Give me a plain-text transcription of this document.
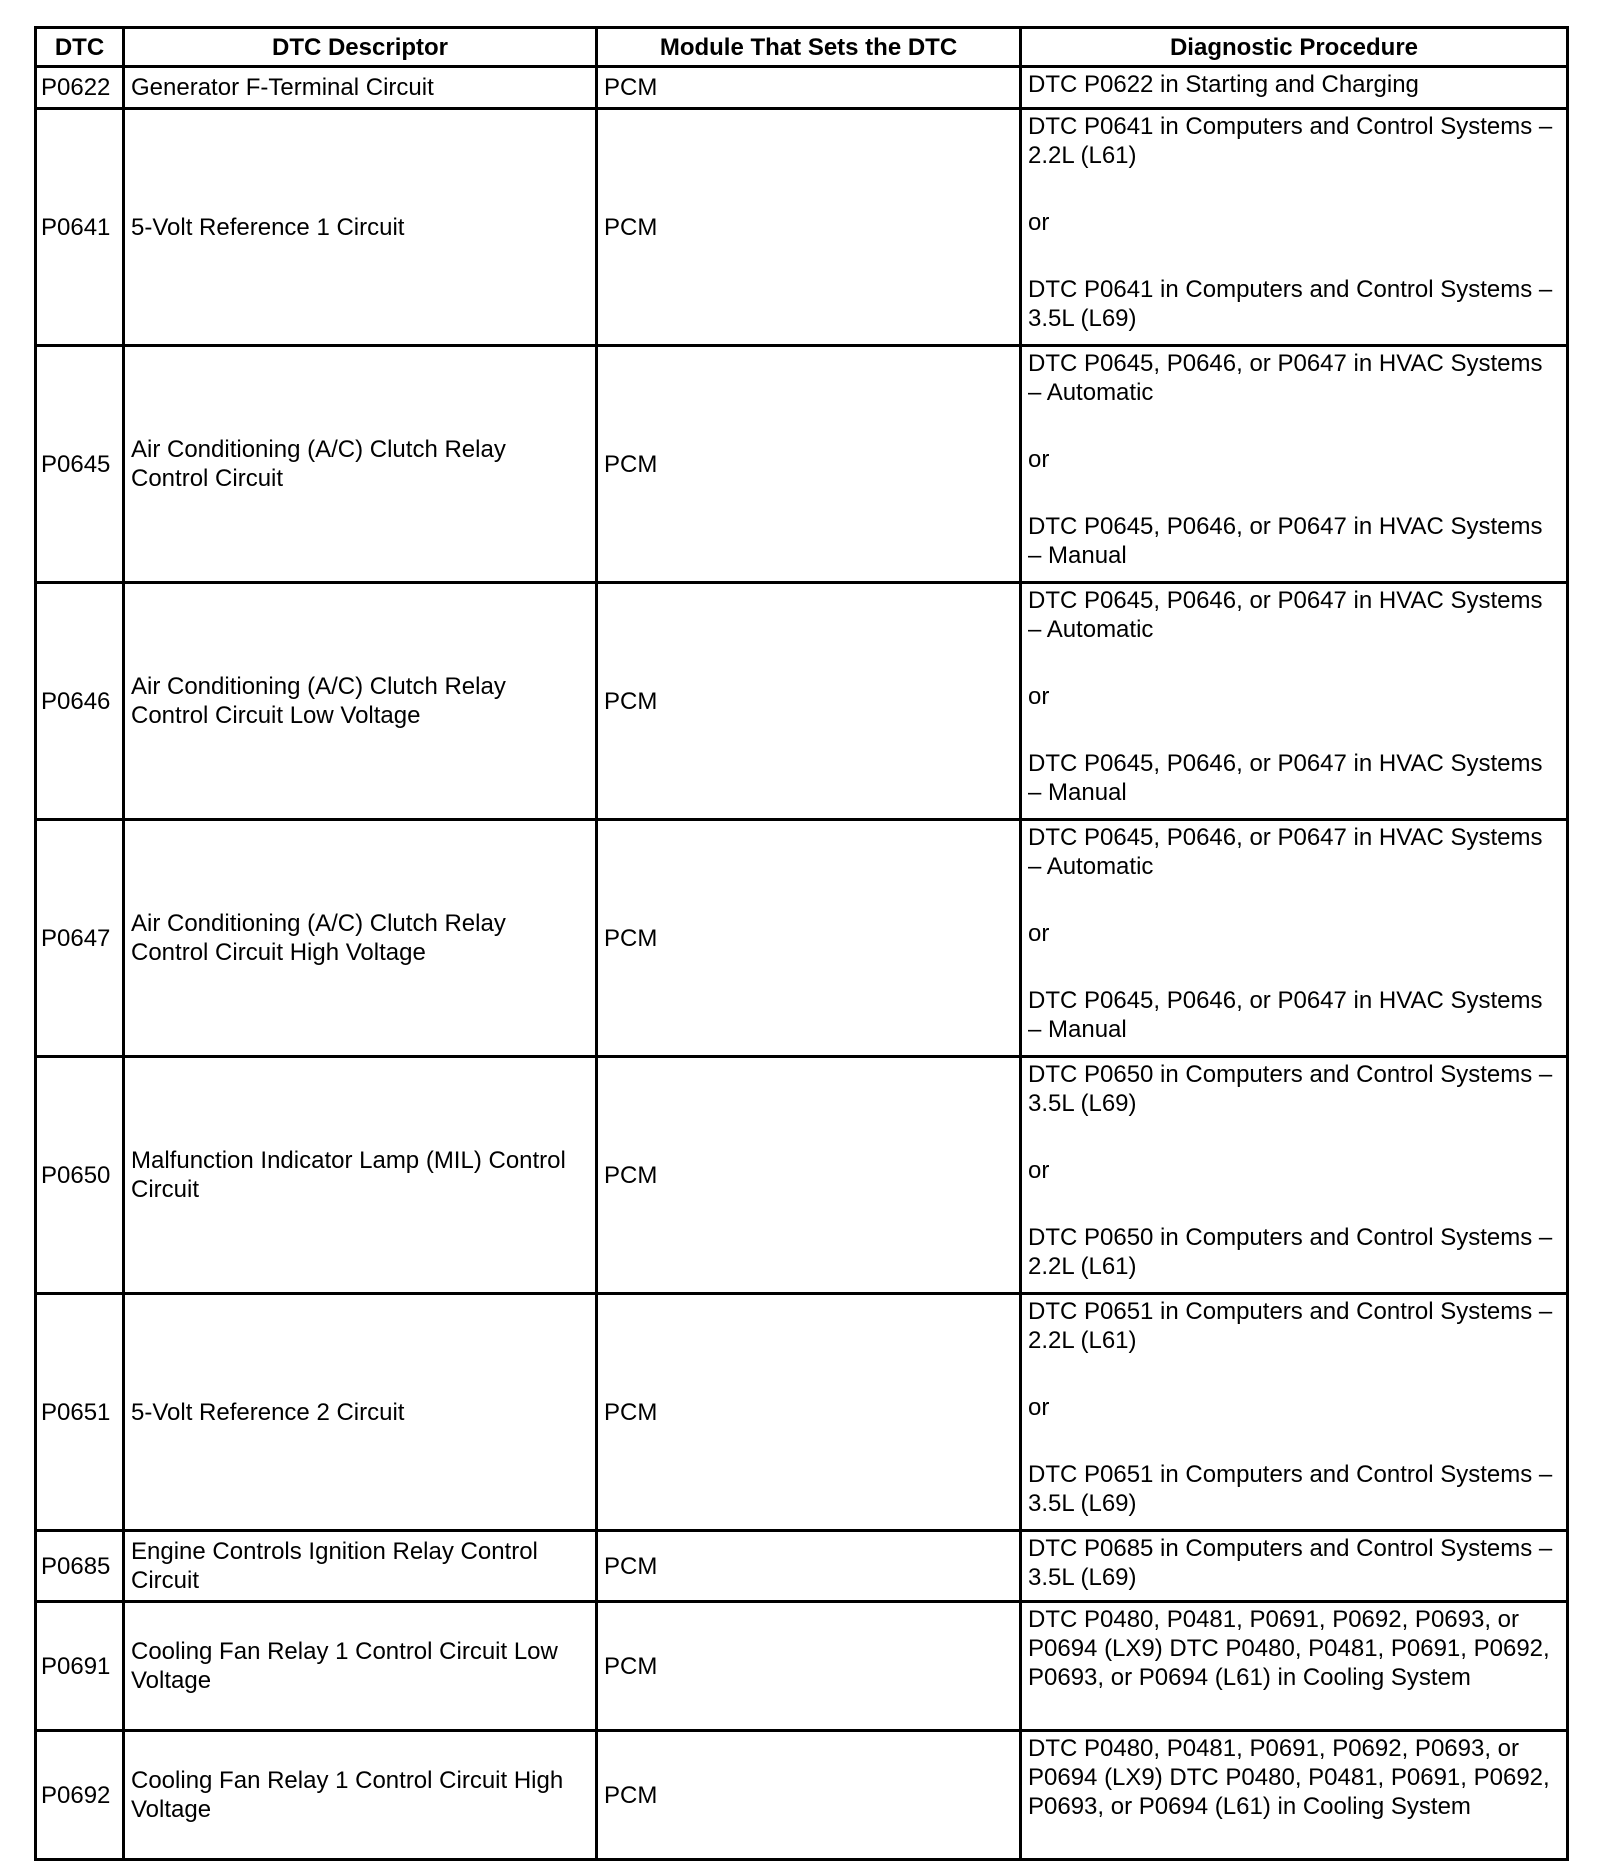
DTC	DTC Descriptor	Module That Sets the DTC	Diagnostic Procedure
P0622	Generator F-Terminal Circuit	PCM	DTC P0622 in Starting and Charging

P0641	5-Volt Reference 1 Circuit	PCM	DTC P0641 in Computers and Control Systems – 2.2L (L61)

or

DTC P0641 in Computers and Control Systems – 3.5L (L69)

P0645	Air Conditioning (A/C) Clutch Relay Control Circuit	PCM	DTC P0645, P0646, or P0647 in HVAC Systems – Automatic

or

DTC P0645, P0646, or P0647 in HVAC Systems – Manual

P0646	Air Conditioning (A/C) Clutch Relay Control Circuit Low Voltage	PCM	DTC P0645, P0646, or P0647 in HVAC Systems – Automatic

or

DTC P0645, P0646, or P0647 in HVAC Systems – Manual

P0647	Air Conditioning (A/C) Clutch Relay Control Circuit High Voltage	PCM	DTC P0645, P0646, or P0647 in HVAC Systems – Automatic

or

DTC P0645, P0646, or P0647 in HVAC Systems – Manual

P0650	Malfunction Indicator Lamp (MIL) Control Circuit	PCM	DTC P0650 in Computers and Control Systems – 3.5L (L69)

or

DTC P0650 in Computers and Control Systems – 2.2L (L61)

P0651	5-Volt Reference 2 Circuit	PCM	DTC P0651 in Computers and Control Systems – 2.2L (L61)

or

DTC P0651 in Computers and Control Systems – 3.5L (L69)

P0685	Engine Controls Ignition Relay Control Circuit	PCM	DTC P0685 in Computers and Control Systems – 3.5L (L69)

P0691	Cooling Fan Relay 1 Control Circuit Low Voltage	PCM	DTC P0480, P0481, P0691, P0692, P0693, or P0694 (LX9) DTC P0480, P0481, P0691, P0692, P0693, or P0694 (L61) in Cooling System

P0692	Cooling Fan Relay 1 Control Circuit High Voltage	PCM	DTC P0480, P0481, P0691, P0692, P0693, or P0694 (LX9) DTC P0480, P0481, P0691, P0692, P0693, or P0694 (L61) in Cooling System
